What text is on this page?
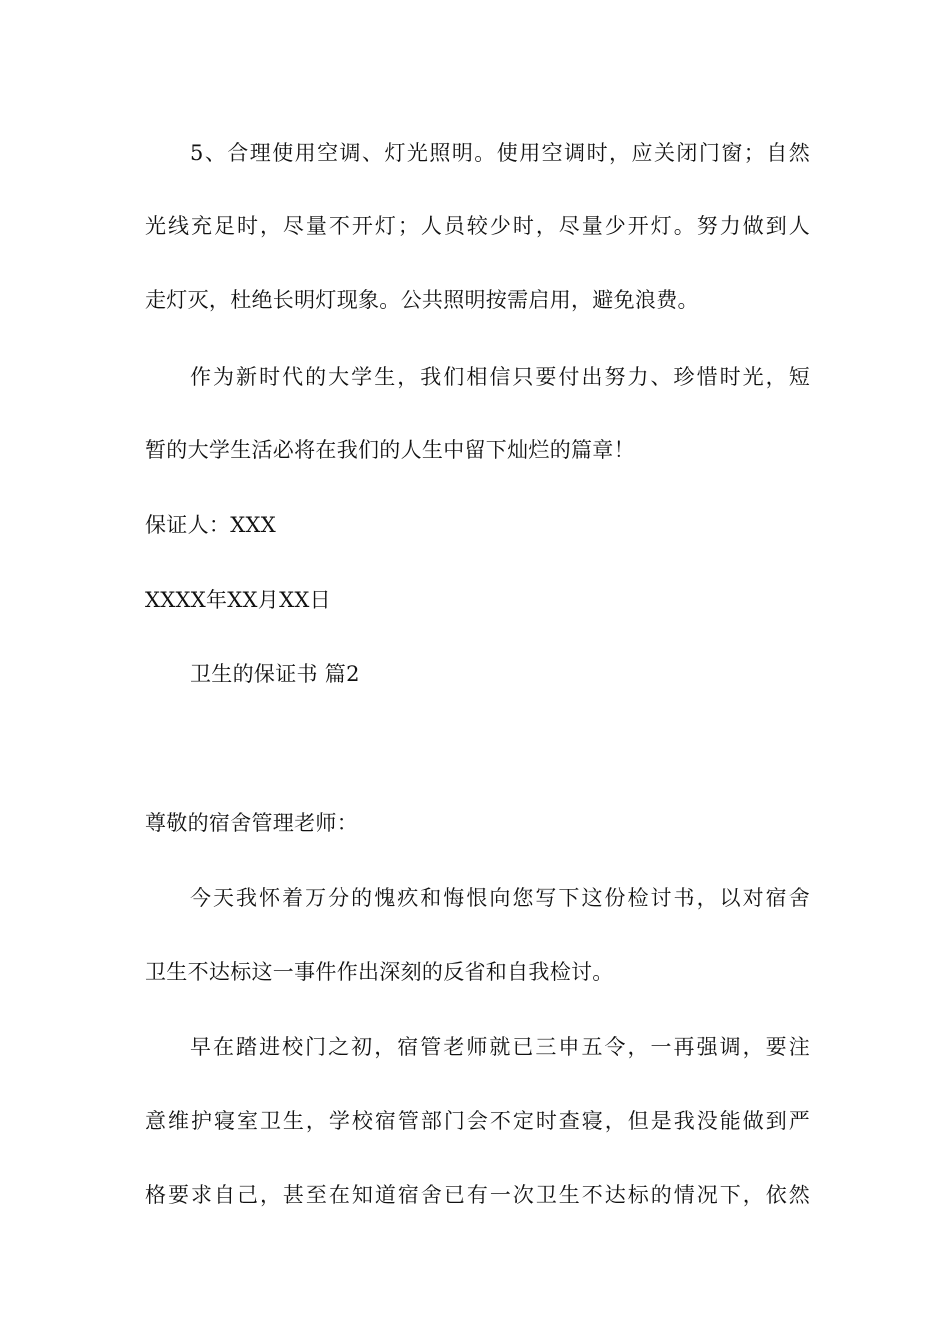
5、合理使用空调、灯光照明。使用空调时，应关闭门窗；自然
光线充足时，尽量不开灯；人员较少时，尽量少开灯。努力做到人
走灯灭，杜绝长明灯现象。公共照明按需启用，避免浪费。
作为新时代的大学生，我们相信只要付出努力、珍惜时光，短
暂的大学生活必将在我们的人生中留下灿烂的篇章！
保证人：XXX
XXXX年XX月XX日
卫生的保证书 篇2
尊敬的宿舍管理老师：
今天我怀着万分的愧疚和悔恨向您写下这份检讨书，以对宿舍
卫生不达标这一事件作出深刻的反省和自我检讨。
早在踏进校门之初，宿管老师就已三申五令，一再强调，要注
意维护寝室卫生，学校宿管部门会不定时查寝，但是我没能做到严
格要求自己，甚至在知道宿舍已有一次卫生不达标的情况下，依然
